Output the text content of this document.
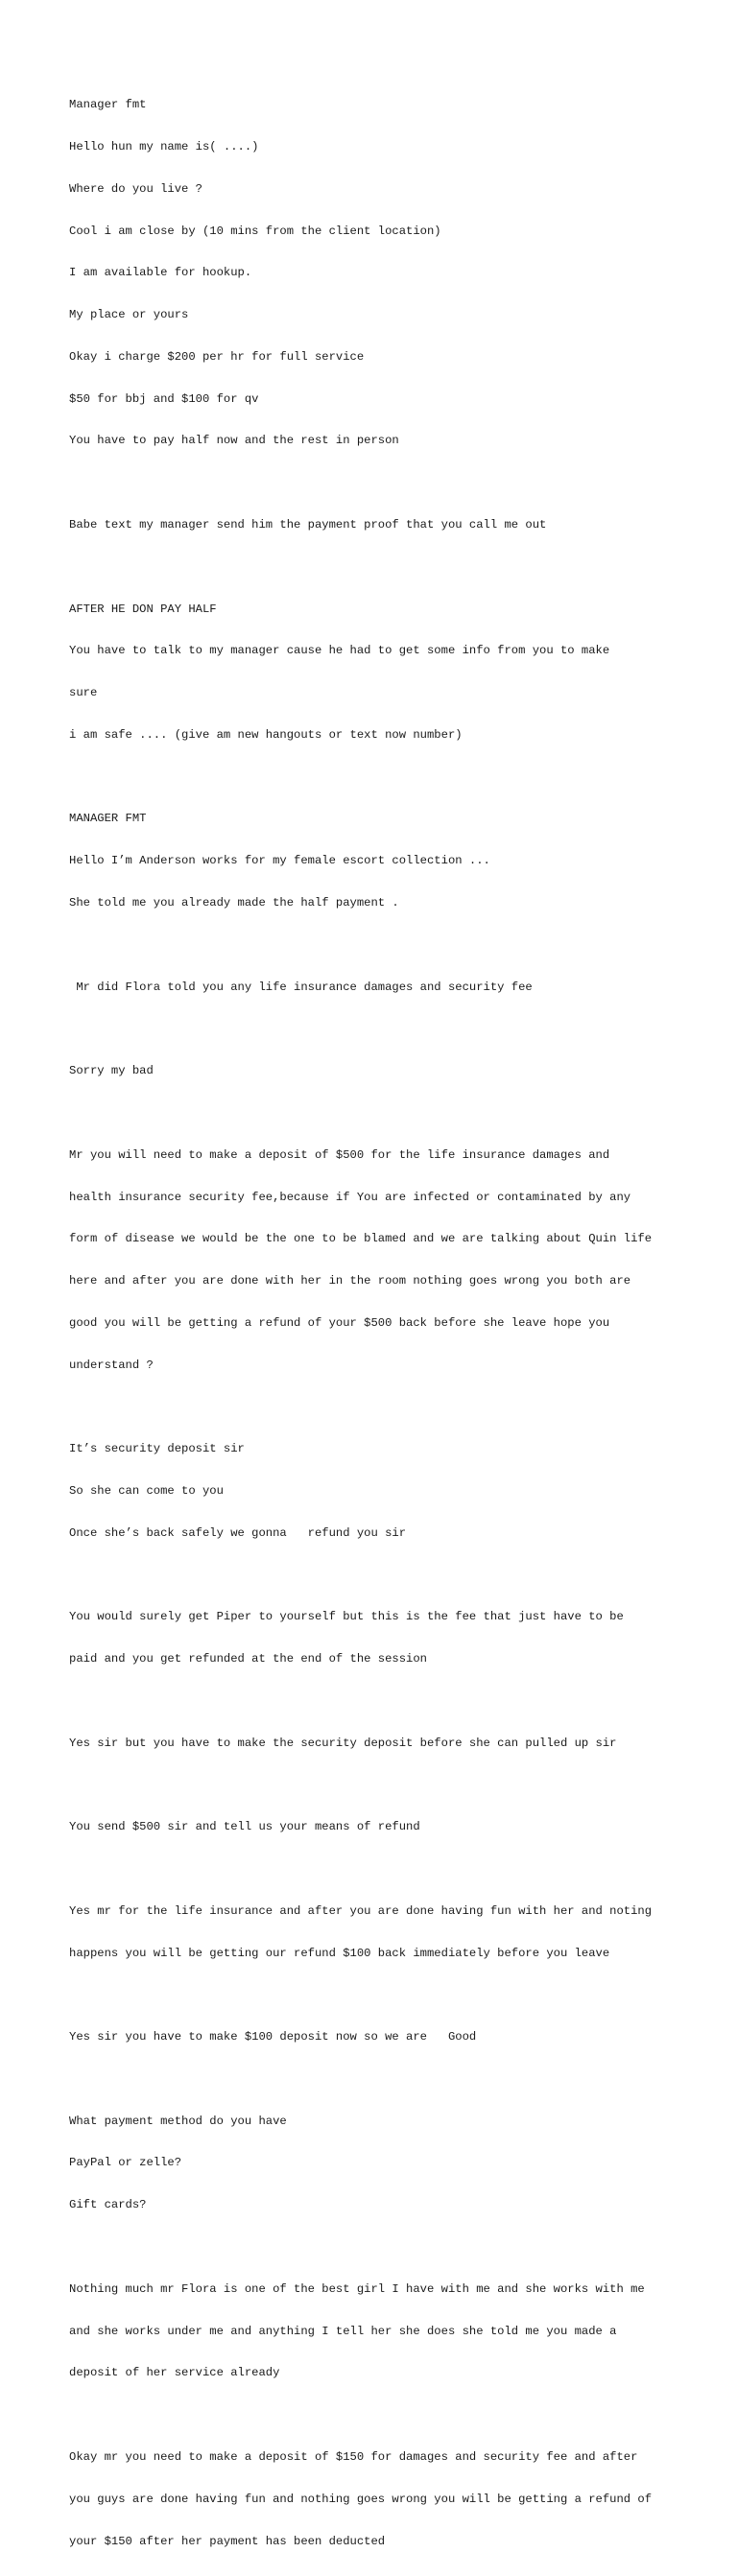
Manager fmt

Hello hun my name is( ....)

Where do you live ?

Cool i am close by (10 mins from the client location)

I am available for hookup.

My place or yours

Okay i charge $200 per hr for full service

$50 for bbj and $100 for qv

You have to pay half now and the rest in person

Babe text my manager send him the payment proof that you call me out

AFTER HE DON PAY HALF

You have to talk to my manager cause he had to get some info from you to make

sure

i am safe .... (give am new hangouts or text now number)

MANAGER FMT

Hello I’m Anderson works for my female escort collection ...

She told me you already made the half payment .

Mr did Flora told you any life insurance damages and security fee

Sorry my bad

Mr you will need to make a deposit of $500 for the life insurance damages and

health insurance security fee,because if You are infected or contaminated by any

form of disease we would be the one to be blamed and we are talking about Quin life

here and after you are done with her in the room nothing goes wrong you both are

good you will be getting a refund of your $500 back before she leave hope you

understand ?

It’s security deposit sir

So she can come to you

Once she’s back safely we gonna   refund you sir

You would surely get Piper to yourself but this is the fee that just have to be

paid and you get refunded at the end of the session

Yes sir but you have to make the security deposit before she can pulled up sir

You send $500 sir and tell us your means of refund

Yes mr for the life insurance and after you are done having fun with her and noting

happens you will be getting our refund $100 back immediately before you leave

Yes sir you have to make $100 deposit now so we are   Good

What payment method do you have

PayPal or zelle?

Gift cards?

Nothing much mr Flora is one of the best girl I have with me and she works with me

and she works under me and anything I tell her she does she told me you made a

deposit of her service already

Okay mr you need to make a deposit of $150 for damages and security fee and after

you guys are done having fun and nothing goes wrong you will be getting a refund of

your $150 after her payment has been deducted
